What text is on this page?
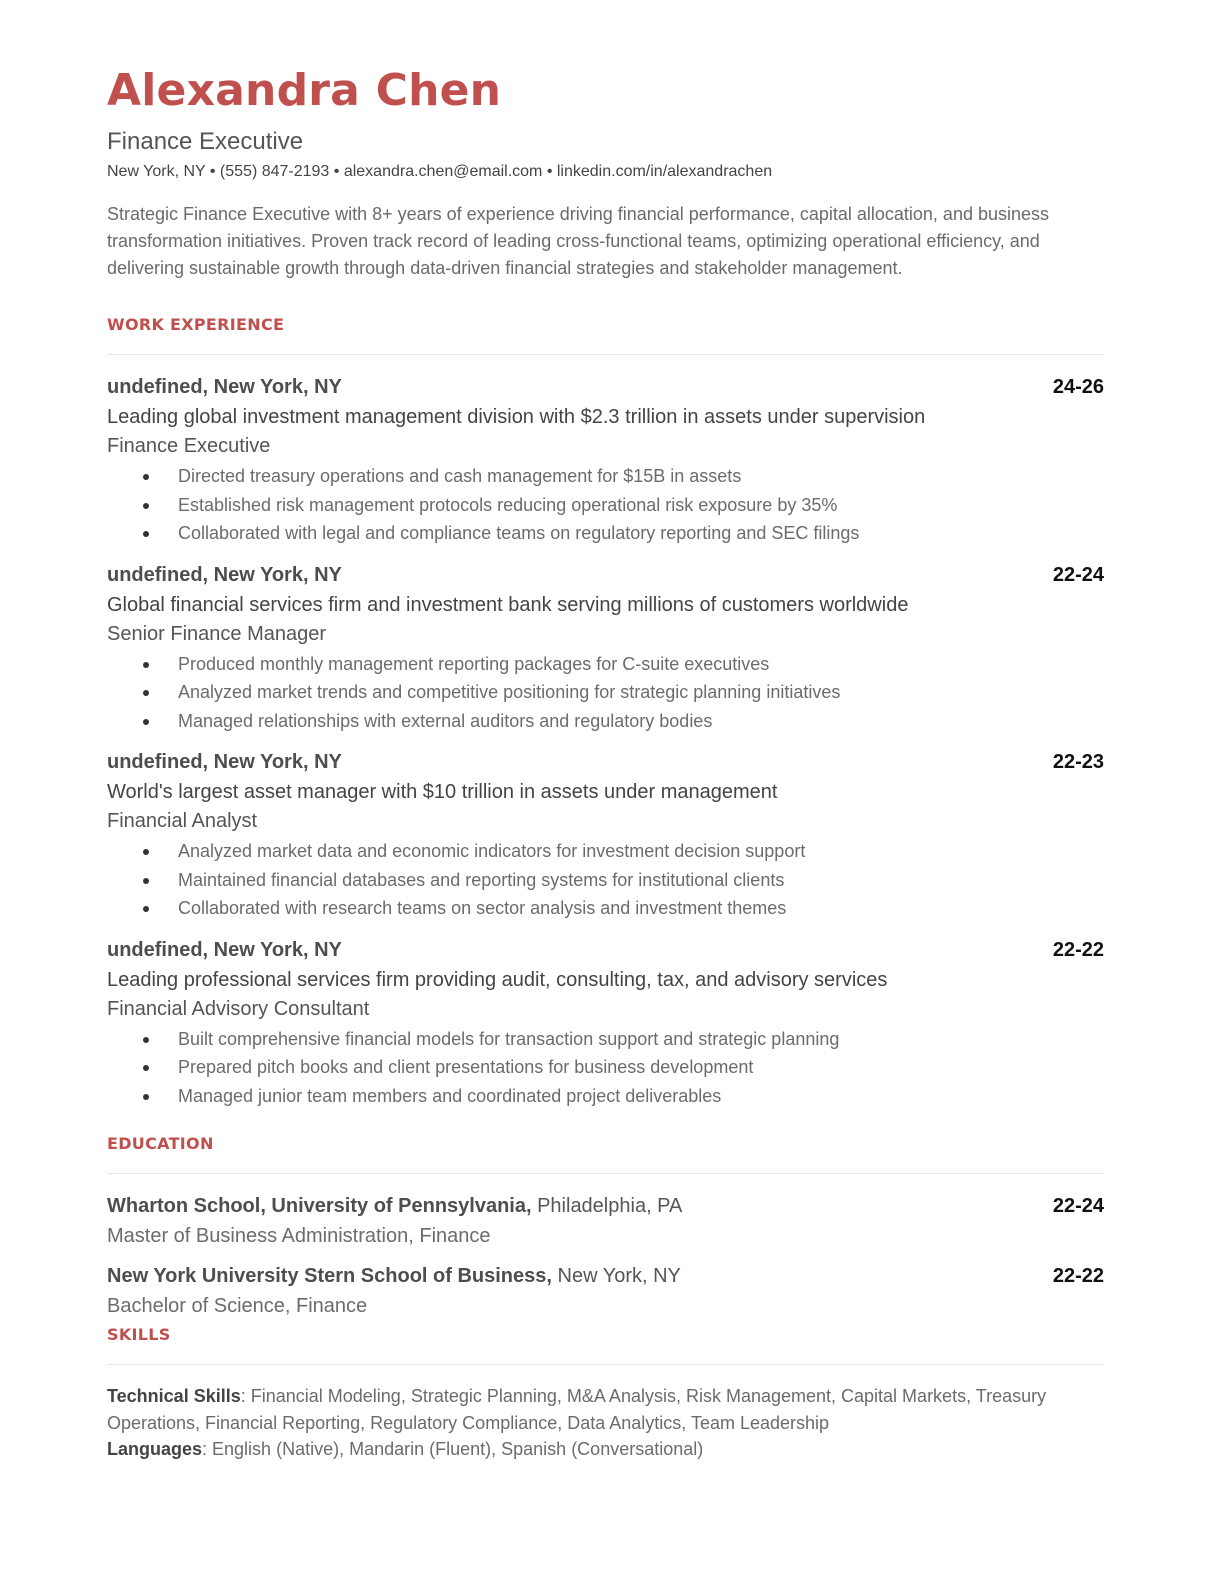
Alexandra Chen
Finance Executive
New York, NY • (555) 847-2193 • alexandra.chen@email.com • linkedin.com/in/alexandrachen
Strategic Finance Executive with 8+ years of experience driving financial performance, capital allocation, and business transformation initiatives. Proven track record of leading cross-functional teams, optimizing operational efficiency, and delivering sustainable growth through data-driven financial strategies and stakeholder management.
WORK EXPERIENCE
undefined, New York, NY	24-26
Leading global investment management division with $2.3 trillion in assets under supervision
Finance Executive
Directed treasury operations and cash management for $15B in assets
Established risk management protocols reducing operational risk exposure by 35%
Collaborated with legal and compliance teams on regulatory reporting and SEC filings
undefined, New York, NY	22-24
Global financial services firm and investment bank serving millions of customers worldwide
Senior Finance Manager
Produced monthly management reporting packages for C-suite executives
Analyzed market trends and competitive positioning for strategic planning initiatives
Managed relationships with external auditors and regulatory bodies
undefined, New York, NY	22-23
World's largest asset manager with $10 trillion in assets under management
Financial Analyst
Analyzed market data and economic indicators for investment decision support
Maintained financial databases and reporting systems for institutional clients
Collaborated with research teams on sector analysis and investment themes
undefined, New York, NY	22-22
Leading professional services firm providing audit, consulting, tax, and advisory services
Financial Advisory Consultant
Built comprehensive financial models for transaction support and strategic planning
Prepared pitch books and client presentations for business development
Managed junior team members and coordinated project deliverables
EDUCATION
Wharton School, University of Pennsylvania, Philadelphia, PA	22-24
Master of Business Administration, Finance
New York University Stern School of Business, New York, NY	22-22
Bachelor of Science, Finance
SKILLS
Technical Skills: Financial Modeling, Strategic Planning, M&A Analysis, Risk Management, Capital Markets, Treasury Operations, Financial Reporting, Regulatory Compliance, Data Analytics, Team Leadership
Languages: English (Native), Mandarin (Fluent), Spanish (Conversational)
